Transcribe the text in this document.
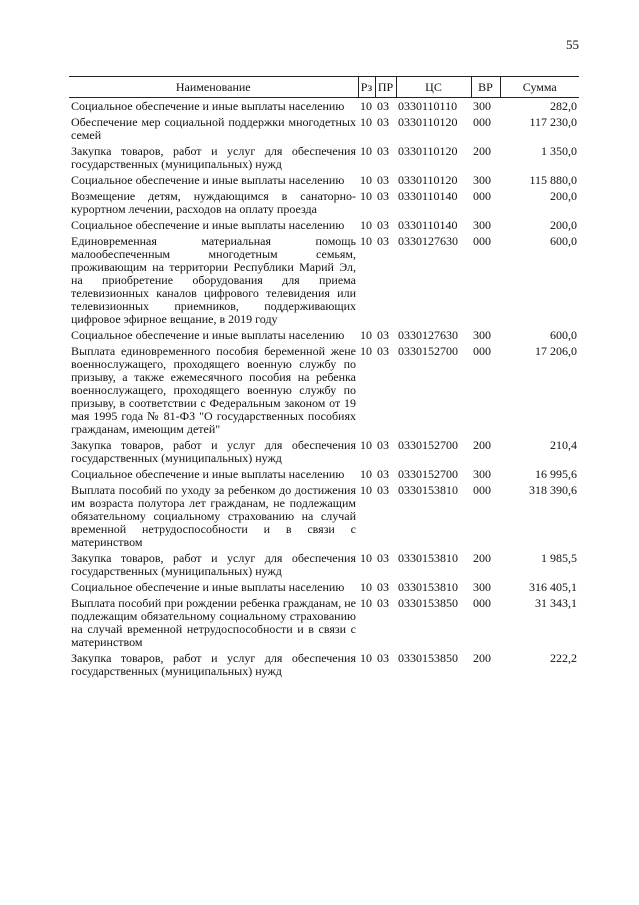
55
Наименование	Рз	ПР	ЦС	ВР	Сумма
Социальное обеспечение и иные выплаты населению	10	03	0330110110	300	282,0
Обеспечение мер социальной поддержки многодетных семей	10	03	0330110120	000	117 230,0
Закупка товаров, работ и услуг для обеспечения государственных (муниципальных) нужд	10	03	0330110120	200	1 350,0
Социальное обеспечение и иные выплаты населению	10	03	0330110120	300	115 880,0
Возмещение детям, нуждающимся в санаторно-курортном лечении, расходов на оплату проезда	10	03	0330110140	000	200,0
Социальное обеспечение и иные выплаты населению	10	03	0330110140	300	200,0
Единовременная материальная помощь малообеспеченным многодетным семьям, проживающим на территории Республики Марий Эл, на приобретение оборудования для приема телевизионных каналов цифрового телевидения или телевизионных приемников, поддерживающих цифровое эфирное вещание, в 2019 году	10	03	0330127630	000	600,0
Социальное обеспечение и иные выплаты населению	10	03	0330127630	300	600,0
Выплата единовременного пособия беременной жене военнослужащего, проходящего военную службу по призыву, а также ежемесячного пособия на ребенка военнослужащего, проходящего военную службу по призыву, в соответствии с Федеральным законом от 19 мая 1995 года № 81-ФЗ "О государственных пособиях гражданам, имеющим детей"	10	03	0330152700	000	17 206,0
Закупка товаров, работ и услуг для обеспечения государственных (муниципальных) нужд	10	03	0330152700	200	210,4
Социальное обеспечение и иные выплаты населению	10	03	0330152700	300	16 995,6
Выплата пособий по уходу за ребенком до достижения им возраста полутора лет гражданам, не подлежащим обязательному социальному страхованию на случай временной нетрудоспособности и в связи с материнством	10	03	0330153810	000	318 390,6
Закупка товаров, работ и услуг для обеспечения государственных (муниципальных) нужд	10	03	0330153810	200	1 985,5
Социальное обеспечение и иные выплаты населению	10	03	0330153810	300	316 405,1
Выплата пособий при рождении ребенка гражданам, не подлежащим обязательному социальному страхованию на случай временной нетрудоспособности и в связи с материнством	10	03	0330153850	000	31 343,1
Закупка товаров, работ и услуг для обеспечения государственных (муниципальных) нужд	10	03	0330153850	200	222,2
